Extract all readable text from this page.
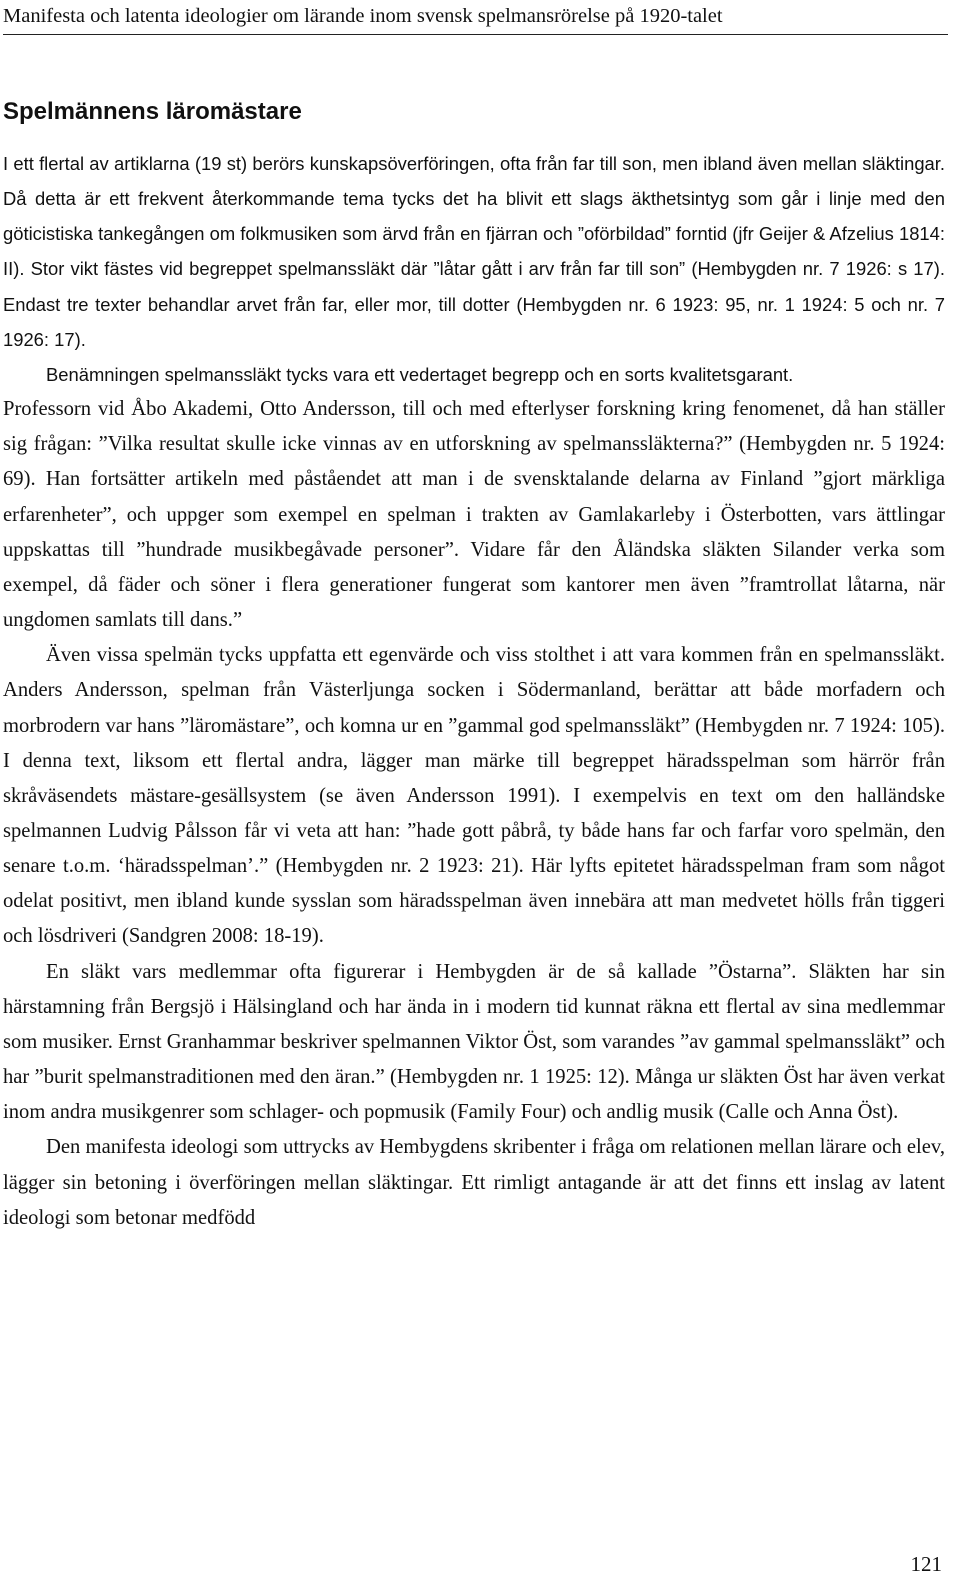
Manifesta och latenta ideologier om lärande inom svensk spelmansrörelse på 1920-talet
Spelmännens läromästare

I ett flertal av artiklarna (19 st) berörs kunskapsöverföringen, ofta från far till son, men ibland även mellan släktingar. Då detta är ett frekvent återkommande tema tycks det ha blivit ett slags äkthetsintyg som går i linje med den göticistiska tankegången om folkmusiken som ärvd från en fjärran och ”oförbildad” forntid (jfr Geijer & Afzelius 1814: II). Stor vikt fästes vid begreppet spelmanssläkt där ”låtar gått i arv från far till son” (Hembygden nr. 7 1926: s 17). Endast tre texter behandlar arvet från far, eller mor, till dotter (Hembygden nr. 6 1923: 95, nr. 1 1924: 5 och nr. 7 1926: 17).

Benämningen spelmanssläkt tycks vara ett vedertaget begrepp och en sorts kvalitetsgarant.

Professorn vid Åbo Akademi, Otto Andersson, till och med efterlyser forskning kring fenomenet, då han ställer sig frågan: ”Vilka resultat skulle icke vinnas av en utforskning av spelmanssläkterna?” (Hembygden nr. 5 1924: 69). Han fortsätter artikeln med påståendet att man i de svensktalande delarna av Finland ”gjort märkliga erfarenheter”, och uppger som exempel en spelman i trakten av Gamlakarleby i Österbotten, vars ättlingar uppskattas till ”hundrade musikbegåvade personer”. Vidare får den Åländska släkten Silander verka som exempel, då fäder och söner i flera generationer fungerat som kantorer men även ”framtrollat låtarna, när ungdomen samlats till dans.”

Även vissa spelmän tycks uppfatta ett egenvärde och viss stolthet i att vara kommen från en spelmanssläkt. Anders Andersson, spelman från Västerljunga socken i Södermanland, berättar att både morfadern och morbrodern var hans ”läromästare”, och komna ur en ”gammal god spelmanssläkt” (Hembygden nr. 7 1924: 105). I denna text, liksom ett flertal andra, lägger man märke till begreppet häradsspelman som härrör från skråväsendets mästare-gesällsystem (se även Andersson 1991). I exempelvis en text om den halländske spelmannen Ludvig Pålsson får vi veta att han: ”hade gott påbrå, ty både hans far och farfar voro spelmän, den senare t.o.m. ‘häradsspelman’.” (Hembygden nr. 2 1923: 21). Här lyfts epitetet häradsspelman fram som något odelat positivt, men ibland kunde sysslan som häradsspelman även innebära att man medvetet hölls från tiggeri och lösdriveri (Sandgren 2008: 18-19).

En släkt vars medlemmar ofta figurerar i Hembygden är de så kallade ”Östarna”. Släkten har sin härstamning från Bergsjö i Hälsingland och har ända in i modern tid kunnat räkna ett flertal av sina medlemmar som musiker. Ernst Granhammar beskriver spelmannen Viktor Öst, som varandes ”av gammal spelmanssläkt” och har ”burit spelmanstraditionen med den äran.” (Hembygden nr. 1 1925: 12). Många ur släkten Öst har även verkat inom andra musikgenrer som schlager- och popmusik (Family Four) och andlig musik (Calle och Anna Öst).

Den manifesta ideologi som uttrycks av Hembygdens skribenter i fråga om relationen mellan lärare och elev, lägger sin betoning i överföringen mellan släktingar. Ett rimligt antagande är att det finns ett inslag av latent ideologi som betonar medfödd

121
